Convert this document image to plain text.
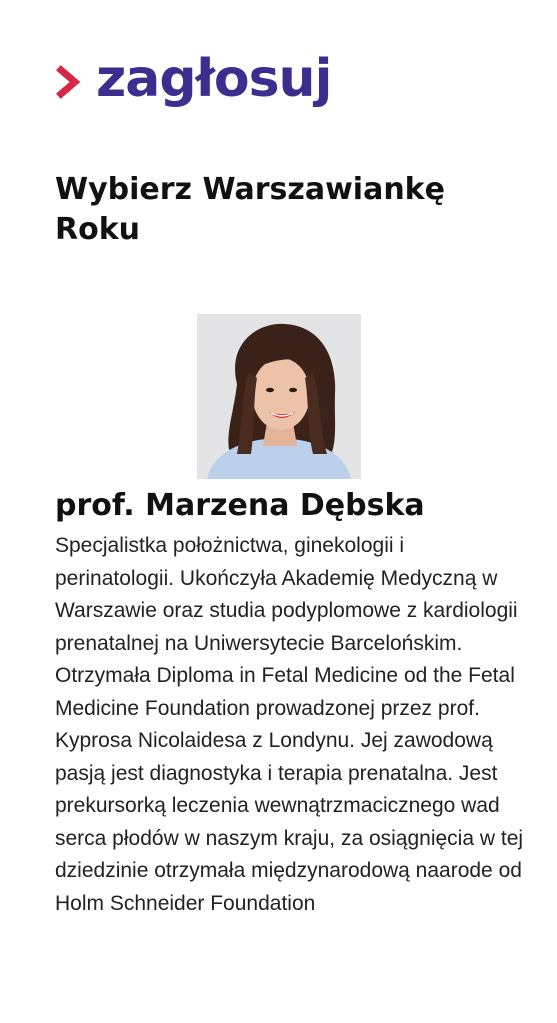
zagłosuj
Wybierz Warszawiankę Roku
prof. Marzena Dębska

Specjalistka położnictwa, ginekologii i perinatologii. Ukończyła Akademię Medyczną w Warszawie oraz studia podyplomowe z kardiologii prenatalnej na Uniwersytecie Barcelońskim. Otrzymała Diploma in Fetal Medicine od the Fetal Medicine Foundation prowadzonej przez prof. Kyprosa Nicolaidesa z Londynu. Jej zawodową pasją jest diagnostyka i terapia prenatalna. Jest prekursorką leczenia wewnątrzmacicznego wad serca płodów w naszym kraju, za osiągnięcia w tej dziedzinie otrzymała międzynarodową naarode od Holm Schneider Foundation
